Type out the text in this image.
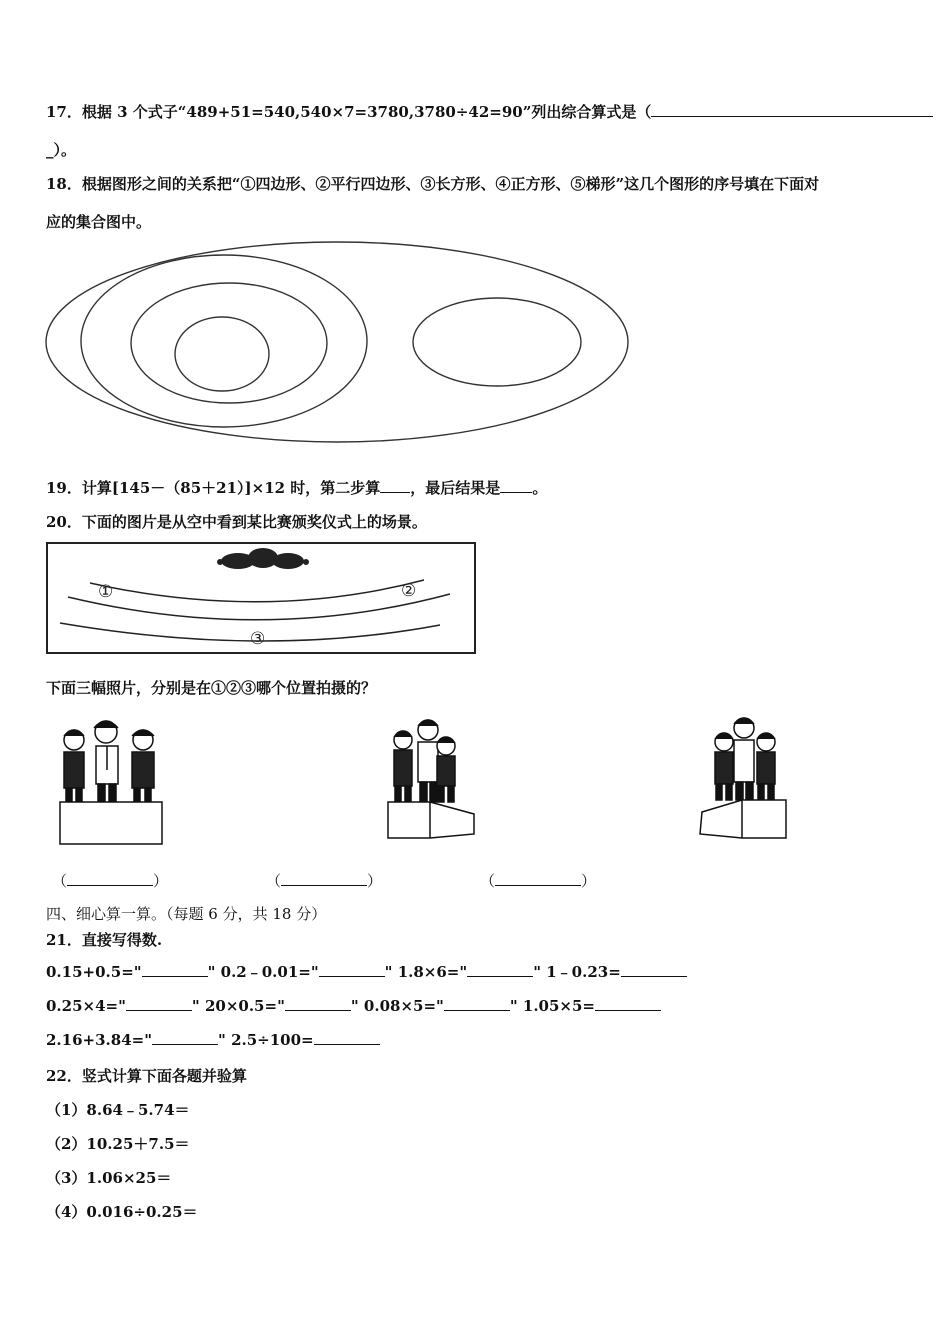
17．根据 3 个式子“489+51=540,540×7=3780,3780÷42=90”列出综合算式是（
_）。
18．根据图形之间的关系把“①四边形、②平行四边形、③长方形、④正方形、⑤梯形”这几个图形的序号填在下面对
应的集合图中。
19．计算[145－（85＋21）]×12 时，第二步算 ，最后结果是 。
20．下面的图片是从空中看到某比赛颁奖仪式上的场景。
①	②
③
下面三幅照片，分别是在①②③哪个位置拍摄的？
（	）	（	）	（	）
四、细心算一算。（每题 6 分，共 18 分）
21．直接写得数.
0.15+0.5="	" 0.2﹣0.01="	" 1.8×6="	" 1﹣0.23=
0.25×4="	" 20×0.5="	" 0.08×5="	" 1.05×5=
2.16+3.84="	" 2.5÷100=
22．竖式计算下面各题并验算
（1）8.64﹣5.74＝
（2）10.25＋7.5＝
（3）1.06×25＝
（4）0.016÷0.25＝
